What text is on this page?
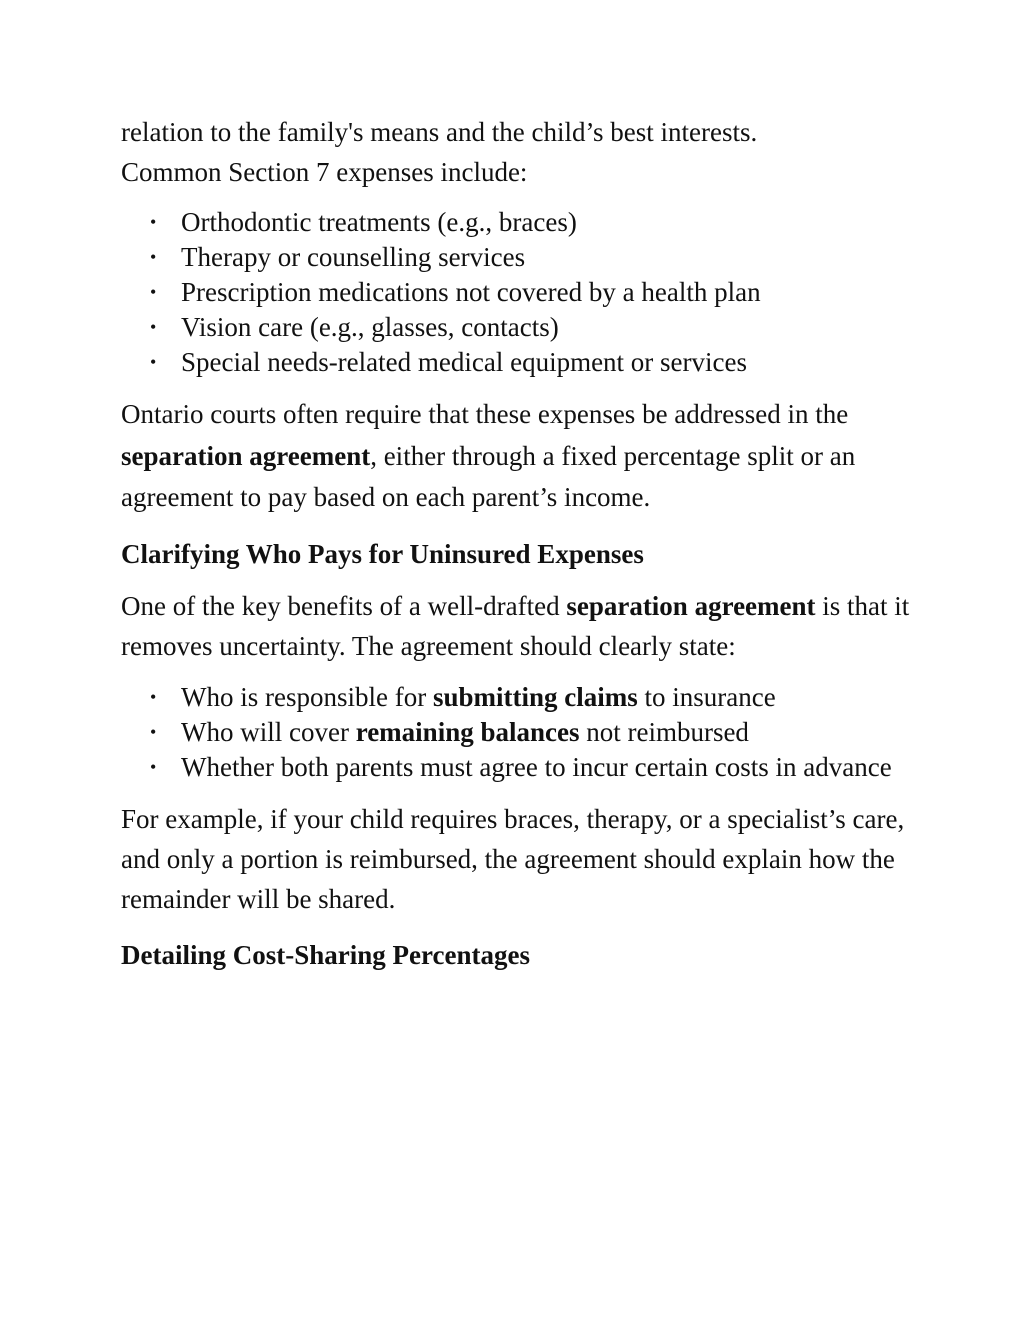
relation to the family's means and the child’s best interests.
Common Section 7 expenses include:

• Orthodontic treatments (e.g., braces)
• Therapy or counselling services
• Prescription medications not covered by a health plan
• Vision care (e.g., glasses, contacts)
• Special needs-related medical equipment or services

Ontario courts often require that these expenses be addressed in the separation agreement, either through a fixed percentage split or an agreement to pay based on each parent’s income.

Clarifying Who Pays for Uninsured Expenses

One of the key benefits of a well-drafted separation agreement is that it removes uncertainty. The agreement should clearly state:

• Who is responsible for submitting claims to insurance
• Who will cover remaining balances not reimbursed
• Whether both parents must agree to incur certain costs in advance

For example, if your child requires braces, therapy, or a specialist’s care, and only a portion is reimbursed, the agreement should explain how the remainder will be shared.

Detailing Cost-Sharing Percentages
